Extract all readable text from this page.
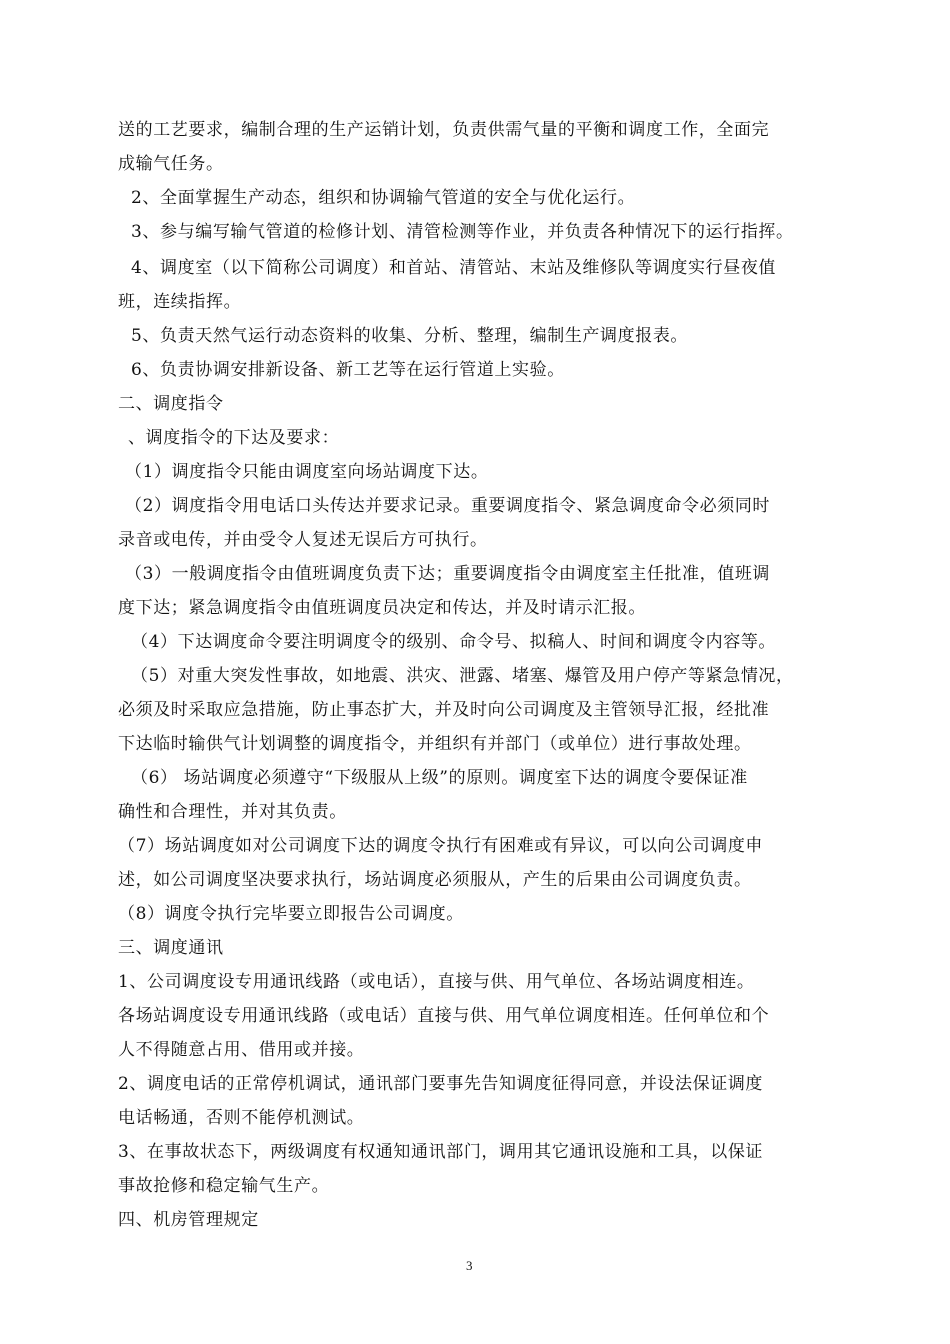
送的工艺要求，编制合理的生产运销计划，负责供需气量的平衡和调度工作，全面完
成输气任务。
2、全面掌握生产动态，组织和协调输气管道的安全与优化运行。
3、参与编写输气管道的检修计划、清管检测等作业，并负责各种情况下的运行指挥。
4、调度室（以下简称公司调度）和首站、清管站、末站及维修队等调度实行昼夜值
班，连续指挥。
5、负责天然气运行动态资料的收集、分析、整理，编制生产调度报表。
6、负责协调安排新设备、新工艺等在运行管道上实验。
二、调度指令
、调度指令的下达及要求：
（1）调度指令只能由调度室向场站调度下达。
（2）调度指令用电话口头传达并要求记录。重要调度指令、紧急调度命令必须同时
录音或电传，并由受令人复述无误后方可执行。
（3）一般调度指令由值班调度负责下达；重要调度指令由调度室主任批准，值班调
度下达；紧急调度指令由值班调度员决定和传达，并及时请示汇报。
（4）下达调度命令要注明调度令的级别、命令号、拟稿人、时间和调度令内容等。
（5）对重大突发性事故，如地震、洪灾、泄露、堵塞、爆管及用户停产等紧急情况，
必须及时采取应急措施，防止事态扩大，并及时向公司调度及主管领导汇报，经批准
下达临时输供气计划调整的调度指令，并组织有并部门（或单位）进行事故处理。
（6） 场站调度必须遵守“下级服从上级”的原则。调度室下达的调度令要保证准
确性和合理性，并对其负责。
（7）场站调度如对公司调度下达的调度令执行有困难或有异议，可以向公司调度申
述，如公司调度坚决要求执行，场站调度必须服从，产生的后果由公司调度负责。
（8）调度令执行完毕要立即报告公司调度。
三、调度通讯
1、公司调度设专用通讯线路（或电话），直接与供、用气单位、各场站调度相连。
各场站调度设专用通讯线路（或电话）直接与供、用气单位调度相连。任何单位和个
人不得随意占用、借用或并接。
2、调度电话的正常停机调试，通讯部门要事先告知调度征得同意，并设法保证调度
电话畅通，否则不能停机测试。
3、在事故状态下，两级调度有权通知通讯部门，调用其它通讯设施和工具，以保证
事故抢修和稳定输气生产。
四、机房管理规定
3
